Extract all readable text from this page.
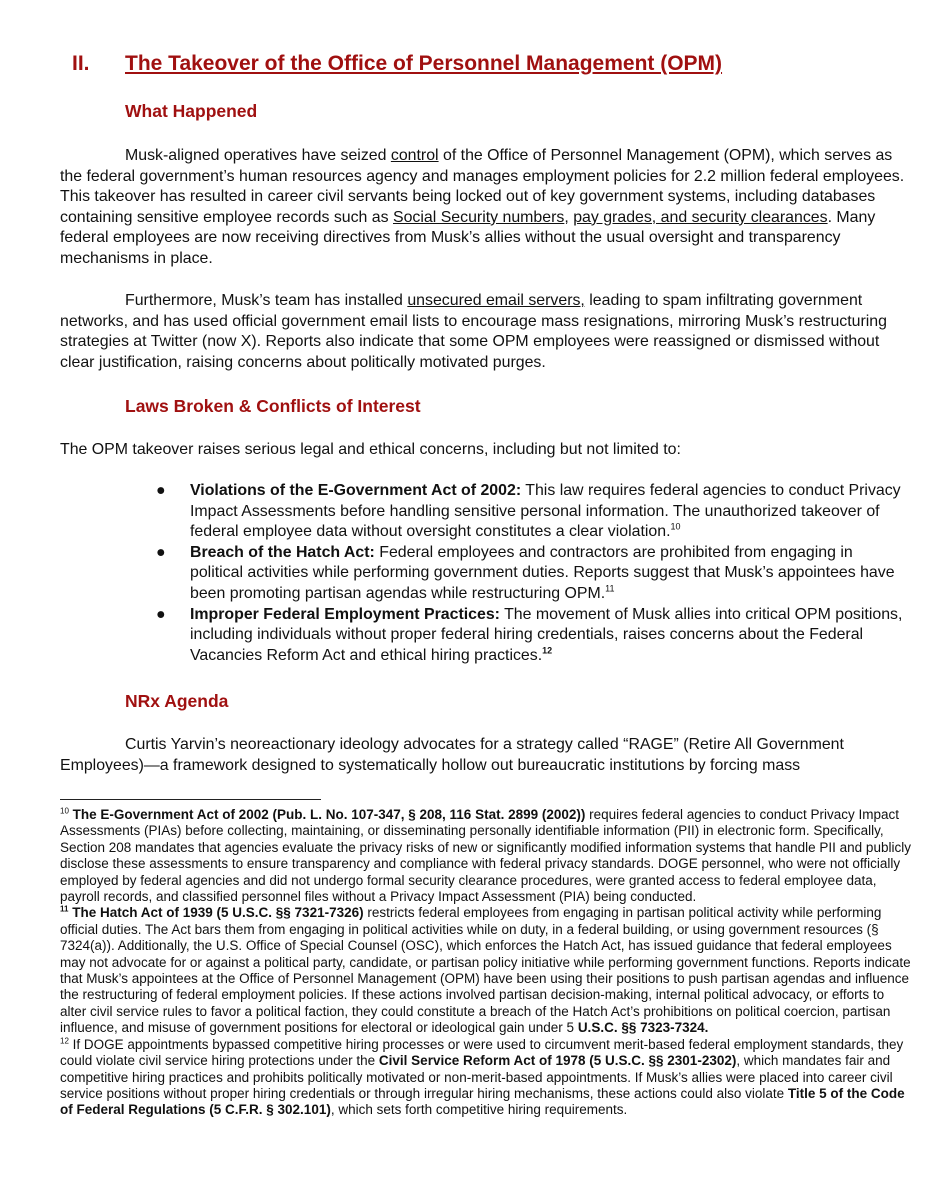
II. The Takeover of the Office of Personnel Management (OPM)
What Happened

Musk-aligned operatives have seized control of the Office of Personnel Management (OPM), which serves as the federal government’s human resources agency and manages employment policies for 2.2 million federal employees. This takeover has resulted in career civil servants being locked out of key government systems, including databases containing sensitive employee records such as Social Security numbers, pay grades, and security clearances. Many federal employees are now receiving directives from Musk’s allies without the usual oversight and transparency mechanisms in place.

Furthermore, Musk’s team has installed unsecured email servers, leading to spam infiltrating government networks, and has used official government email lists to encourage mass resignations, mirroring Musk’s restructuring strategies at Twitter (now X). Reports also indicate that some OPM employees were reassigned or dismissed without clear justification, raising concerns about politically motivated purges.

Laws Broken & Conflicts of Interest

The OPM takeover raises serious legal and ethical concerns, including but not limited to:

● Violations of the E-Government Act of 2002: This law requires federal agencies to conduct Privacy Impact Assessments before handling sensitive personal information. The unauthorized takeover of federal employee data without oversight constitutes a clear violation.$^{10}$
● Breach of the Hatch Act: Federal employees and contractors are prohibited from engaging in political activities while performing government duties. Reports suggest that Musk’s appointees have been promoting partisan agendas while restructuring OPM.$^{11}$
● Improper Federal Employment Practices: The movement of Musk allies into critical OPM positions, including individuals without proper federal hiring credentials, raises concerns about the Federal Vacancies Reform Act and ethical hiring practices.$^{12}$
NRx Agenda

Curtis Yarvin’s neoreactionary ideology advocates for a strategy called “RAGE” (Retire All Government Employees)—a framework designed to systematically hollow out bureaucratic institutions by forcing mass

$^{10}$ The E-Government Act of 2002 (Pub. L. No. 107-347, § 208, 116 Stat. 2899 (2002)) requires federal agencies to conduct Privacy Impact Assessments (PIAs) before collecting, maintaining, or disseminating personally identifiable information (PII) in electronic form. Specifically, Section 208 mandates that agencies evaluate the privacy risks of new or significantly modified information systems that handle PII and publicly disclose these assessments to ensure transparency and compliance with federal privacy standards. DOGE personnel, who were not officially employed by federal agencies and did not undergo formal security clearance procedures, were granted access to federal employee data, payroll records, and classified personnel files without a Privacy Impact Assessment (PIA) being conducted.

$^{11}$ The Hatch Act of 1939 (5 U.S.C. §§ 7321-7326) restricts federal employees from engaging in partisan political activity while performing official duties. The Act bars them from engaging in political activities while on duty, in a federal building, or using government resources (§ 7324(a)). Additionally, the U.S. Office of Special Counsel (OSC), which enforces the Hatch Act, has issued guidance that federal employees may not advocate for or against a political party, candidate, or partisan policy initiative while performing government functions. Reports indicate that Musk’s appointees at the Office of Personnel Management (OPM) have been using their positions to push partisan agendas and influence the restructuring of federal employment policies. If these actions involved partisan decision-making, internal political advocacy, or efforts to alter civil service rules to favor a political faction, they could constitute a breach of the Hatch Act’s prohibitions on political coercion, partisan influence, and misuse of government positions for electoral or ideological gain under 5 U.S.C. §§ 7323-7324.

$^{12}$ If DOGE appointments bypassed competitive hiring processes or were used to circumvent merit-based federal employment standards, they could violate civil service hiring protections under the Civil Service Reform Act of 1978 (5 U.S.C. §§ 2301-2302), which mandates fair and competitive hiring practices and prohibits politically motivated or non-merit-based appointments. If Musk’s allies were placed into career civil service positions without proper hiring credentials or through irregular hiring mechanisms, these actions could also violate Title 5 of the Code of Federal Regulations (5 C.F.R. § 302.101), which sets forth competitive hiring requirements.
